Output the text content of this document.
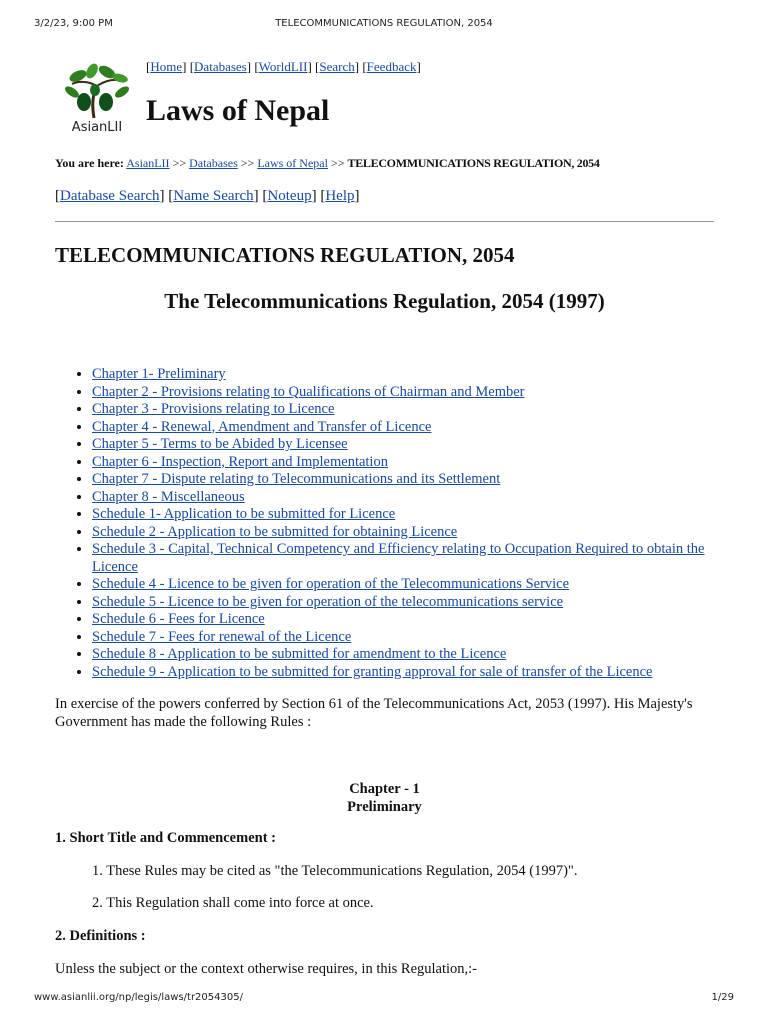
3/2/23, 9:00 PM	TELECOMMUNICATIONS REGULATION, 2054
AsianLII
[Home] [Databases] [WorldLII] [Search] [Feedback]
Laws of Nepal
You are here: AsianLII >> Databases >> Laws of Nepal >> TELECOMMUNICATIONS REGULATION, 2054
[Database Search] [Name Search] [Noteup] [Help]
TELECOMMUNICATIONS REGULATION, 2054
The Telecommunications Regulation, 2054 (1997)
• Chapter 1- Preliminary
• Chapter 2 - Provisions relating to Qualifications of Chairman and Member
• Chapter 3 - Provisions relating to Licence
• Chapter 4 - Renewal, Amendment and Transfer of Licence
• Chapter 5 - Terms to be Abided by Licensee
• Chapter 6 - Inspection, Report and Implementation
• Chapter 7 - Dispute relating to Telecommunications and its Settlement
• Chapter 8 - Miscellaneous
• Schedule 1- Application to be submitted for Licence
• Schedule 2 - Application to be submitted for obtaining Licence
• Schedule 3 - Capital, Technical Competency and Efficiency relating to Occupation Required to obtain the Licence
• Schedule 4 - Licence to be given for operation of the Telecommunications Service
• Schedule 5 - Licence to be given for operation of the telecommunications service
• Schedule 6 - Fees for Licence
• Schedule 7 - Fees for renewal of the Licence
• Schedule 8 - Application to be submitted for amendment to the Licence
• Schedule 9 - Application to be submitted for granting approval for sale of transfer of the Licence

In exercise of the powers conferred by Section 61 of the Telecommunications Act, 2053 (1997). His Majesty's Government has made the following Rules :

Chapter - 1
Preliminary

1. Short Title and Commencement :

1. These Rules may be cited as "the Telecommunications Regulation, 2054 (1997)".

2. This Regulation shall come into force at once.

2. Definitions :

Unless the subject or the context otherwise requires, in this Regulation,:-

www.asianlii.org/np/legis/laws/tr2054305/	1/29
